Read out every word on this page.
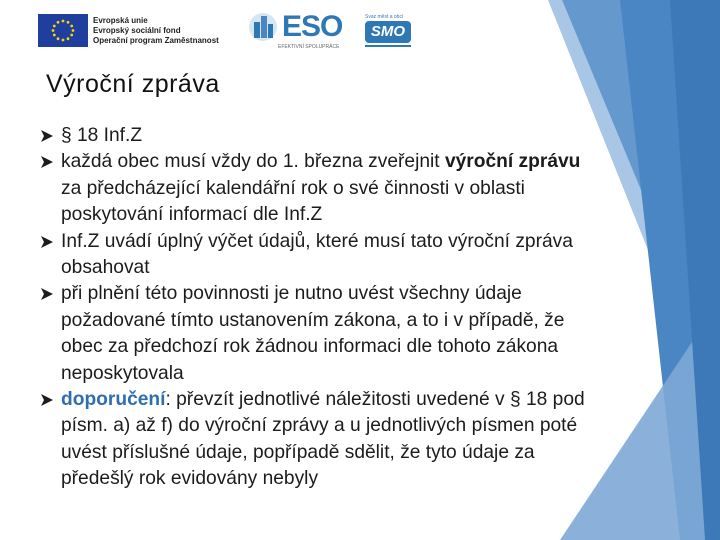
Evropská unie
Evropský sociální fond
Operační program Zaměstnanost ESO
EFEKTIVNÍ SPOLUPRÁCE
Svaz měst a obcí
SMO
Výroční zpráva
§ 18 Inf.Z
každá obec musí vždy do 1. března zveřejnit výroční zprávu za předcházející kalendářní rok o své činnosti v oblasti poskytování informací dle Inf.Z
Inf.Z uvádí úplný výčet údajů, které musí tato výroční zpráva obsahovat
při plnění této povinnosti je nutno uvést všechny údaje požadované tímto ustanovením zákona, a to i v případě, že obec za předchozí rok žádnou informaci dle tohoto zákona neposkytovala
doporučení: převzít jednotlivé náležitosti uvedené v § 18 pod písm. a) až f) do výroční zprávy a u jednotlivých písmen poté uvést příslušné údaje, popřípadě sdělit, že tyto údaje za předešlý rok evidovány nebyly
